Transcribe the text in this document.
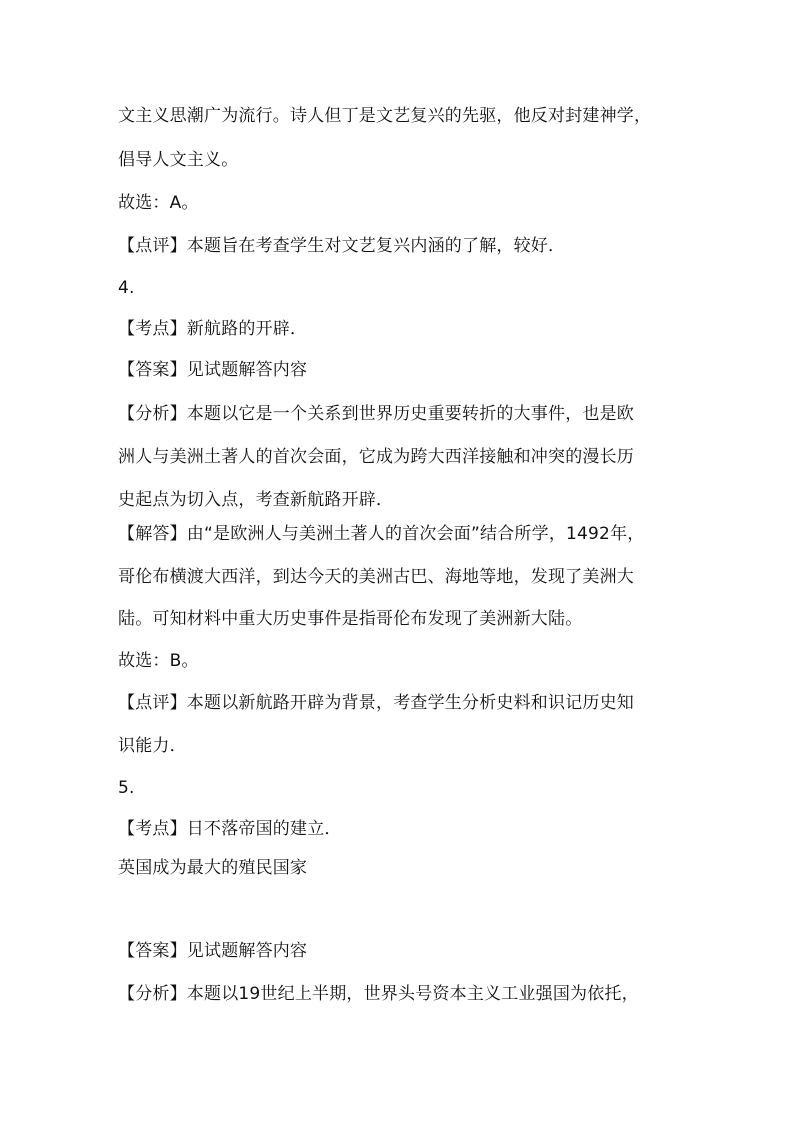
文主义思潮广为流行。诗人但丁是文艺复兴的先驱，他反对封建神学，
倡导人文主义。
故选：A。
【点评】本题旨在考查学生对文艺复兴内涵的了解，较好．
4.
【考点】新航路的开辟．
【答案】见试题解答内容
【分析】本题以它是一个关系到世界历史重要转折的大事件，也是欧
洲人与美洲土著人的首次会面，它成为跨大西洋接触和冲突的漫长历
史起点为切入点，考查新航路开辟．
【解答】由“是欧洲人与美洲土著人的首次会面”结合所学，1492年，
哥伦布横渡大西洋，到达今天的美洲古巴、海地等地，发现了美洲大
陆。可知材料中重大历史事件是指哥伦布发现了美洲新大陆。
故选：B。
【点评】本题以新航路开辟为背景，考查学生分析史料和识记历史知
识能力．
5.
【考点】日不落帝国的建立．
英国成为最大的殖民国家
【答案】见试题解答内容
【分析】本题以19世纪上半期，世界头号资本主义工业强国为依托，
